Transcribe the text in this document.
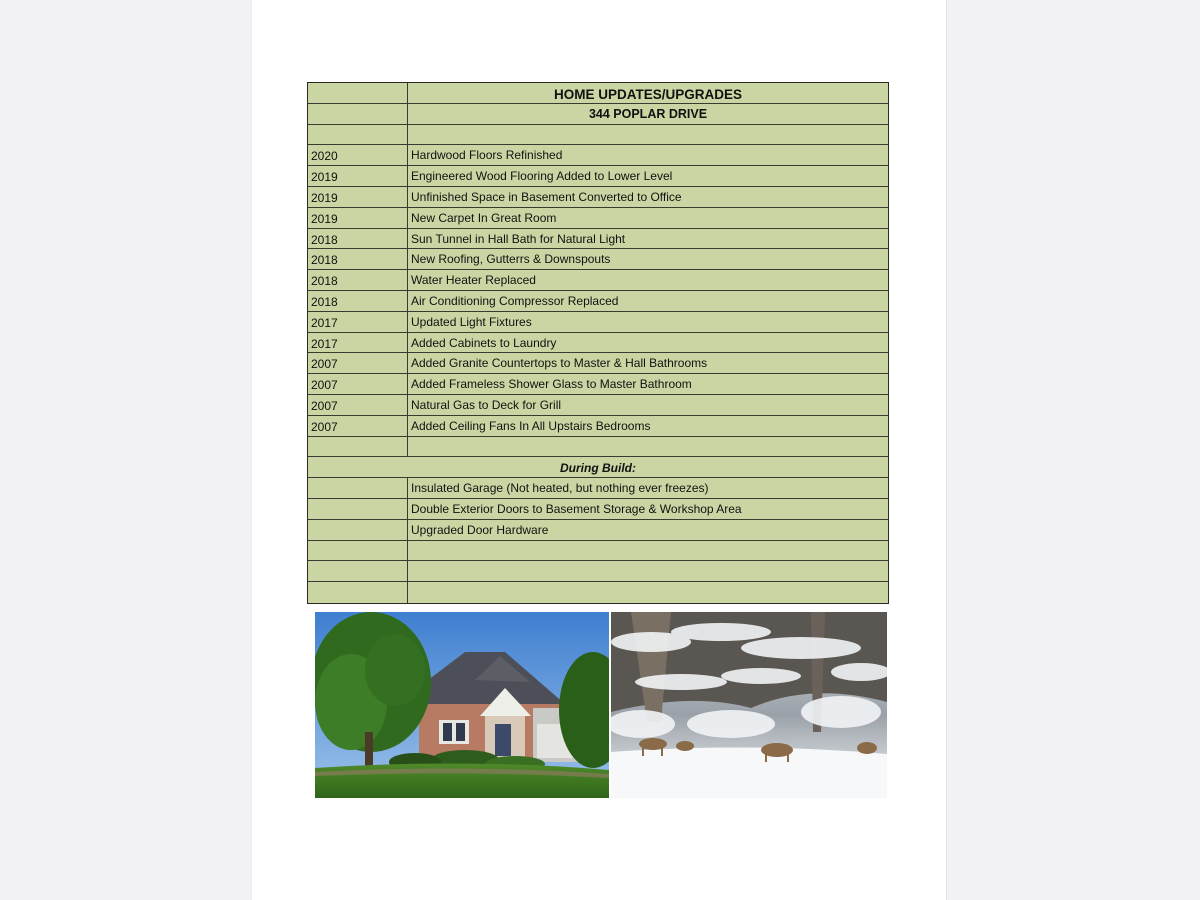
HOME UPDATES/UPGRADES
344 POPLAR DRIVE
2020	Hardwood Floors Refinished
2019	Engineered Wood Flooring Added to Lower Level
2019	Unfinished Space in Basement Converted to Office
2019	New Carpet In Great Room
2018	Sun Tunnel in Hall Bath for Natural Light
2018	New Roofing, Gutterrs & Downspouts
2018	Water Heater Replaced
2018	Air Conditioning Compressor Replaced
2017	Updated Light Fixtures
2017	Added Cabinets to Laundry
2007	Added Granite Countertops to Master & Hall Bathrooms
2007	Added Frameless Shower Glass to Master Bathroom
2007	Natural Gas to Deck for Grill
2007	Added Ceiling Fans In All Upstairs Bedrooms
During Build:
Insulated Garage (Not heated, but nothing ever freezes)
Double Exterior Doors to Basement Storage & Workshop Area
Upgraded Door Hardware
